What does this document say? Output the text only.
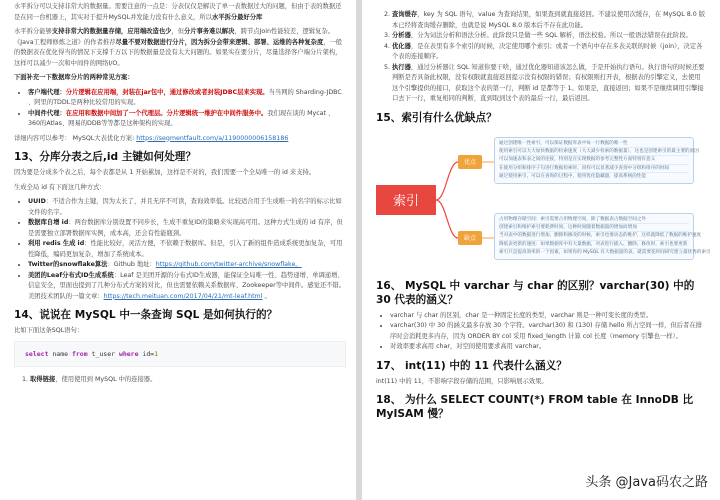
水平拆分可以支持非常大的数据量。需要注意的一点是：分表仅仅是解决了单一表数据过大的问题，但由于表的数据还是在同一台机器上，其实对于提升MySQL并发能力没有什么意义，所以水平拆分最好分库

水平拆分能够支持非常大的数据量存储，应用端改造也少，但分片事务难以解决，跨节点Join性能较差，逻辑复杂。《Java工程师修炼之道》的作者推荐尽量不要对数据进行分片，因为拆分会带来逻辑、部署、运维的各种复杂度，一般的数据表在优化得当的情况下支撑千万以下的数据量是没有太大问题的。如果实在要分片，尽量选择客户端分片架构，这样可以减少一次和中间件的网络I/O。

下面补充一下数据库分片的两种常见方案：

• 客户端代理：分片逻辑在应用端，封装在jar包中，通过修改或者封装JDBC层来实现。当当网的 Sharding-JDBC 、阿里的TDDL是两种比较常用的实现。
• 中间件代理：在应用和数据中间加了一个代理层。分片逻辑统一维护在中间件服务中。我们现在谈的 Mycat 、360的Atlas、网易的DDB等等都是这种架构的实现。

详细内容可以参考： MySQL大表优化方案: https://segmentfault.com/a/1190000006158186

13、分库分表之后,id 主键如何处理？

因为要是分成多个表之后，每个表都是从 1 开始累加，这样是不对的，我们需要一个全局唯一的 id 来支持。

生成全局 id 有下面这几种方式：

• UUID：不适合作为主键，因为太长了，并且无序不可读，查询效率低。比较适合用于生成唯一的名字的标示比如文件的名字。
• 数据库自增 id：两台数据库分别设置不同步长，生成不重复ID的策略来实现高可用。这种方式生成的 id 有序，但是需要独立部署数据库实例，成本高，还会有性能瓶颈。
• 利用 redis 生成 id：性能比较好，灵活方便，不依赖于数据库。但是，引入了新的组件造成系统更加复杂，可用性降低，编码更加复杂，增加了系统成本。
• Twitter的snowflake算法：Github 地址：https://github.com/twitter-archive/snowflake。
• 美团的Leaf分布式ID生成系统：Leaf 是美团开源的分布式ID生成器，能保证全局唯一性、趋势递增、单调递增、信息安全，里面也提到了几种分布式方案的对比，但也需要依赖关系数据库、Zookeeper等中间件。感觉还不错。美团技术团队的一篇文章：https://tech.meituan.com/2017/04/21/mt-leaf.html 。
14、说说在 MySQL 中一条查询 SQL 是如何执行的？

比如下面这条SQL语句：

select name from t_user where id=1
1. 取得链接，使用使用到 MySQL 中的连接器。
2. 查询缓存，key 为 SQL 语句，value 为查询结果，如果查到就直接返回。不建议使用次缓存，在 MySQL 8.0 版本已经将查询缓存删除，也就是说 MySQL 8.0 版本后不存在此功能。
3. 分析器，分为词法分析和语法分析。此阶段只是做一些 SQL 解析，语法校验。所以一般语法错误在此阶段。
4. 优化器，是在表里有多个索引的时候，决定使用哪个索引；或者一个语句中存在多表关联的时候（join），决定各个表的连接顺序。
5. 执行器，通过分析器让 SQL 知道你要干啥，通过优化器知道该怎么做，于是开始执行语句。执行语句的时候还要判断是否具备此权限，没有权限就直接返回提示没有权限的错误；有权限则打开表，根据表的引擎定义，去使用这个引擎提供的接口，获取这个表的第一行，判断 id 是都等于 1。如果是，直接返回；如果不是继续调用引擎接口去下一行，重复相同的判断，直到取到这个表的最后一行，最后返回。
15、索引有什么优缺点？
索引
优点
缺点
通过创建唯一性索引，可以保证数据库表中每一行数据的唯一性
使用索引可以大大加快数据的检索速度（大大减少检索的数据量），这也是创建索引的最主要的原因
可以加速表和表之间的连接，特别是在实现数据的参考完整性方面特别有意义
在使用分组和排序子句进行数据检索时，同样可以显著减少查询中分组和排序的时间
通过使用索引，可以在查询的过程中，使用优化隐藏器，提高系统的性能
占用物理存储空间：索引需要占用物理空间，除了数据表占数据空间之外
创建索引和维护索引要耗费时间，这种时间随着数据量的增加而增加
当对表中的数据进行增加、删除和修改的时候，索引也要动态的维护，这样就降低了数据的维护速度
降低表更新的速度：如果数据库中有大量数据，对表进行插入、删除、修改时，索引也要更新
索引只是提高效率的一个因素，如果你的 MySQL 有大数据量的表，就需要花时间研究建立最优秀的索引
16、 MySQL 中 varchar 与 char 的区别？varchar(30) 中的 30 代表的涵义？
• varchar 与 char 的区别，char 是一种固定长度的类型，varchar 则是一种可变长度的类型。
• varchar(30) 中 30 的涵义最多存放 30 个字符。varchar(30) 和 (130) 存储 hello 所占空间一样，但后者在排序时会消耗更多内存，因为 ORDER BY col 采用 fixed_length 计算 col 长度（memory 引擎也一样）。
• 对效率要求高用 char，对空间使用要求高用 varchar。
17、 int(11) 中的 11 代表什么涵义？

int(11) 中的 11，不影响字段存储的范围，只影响展示效果。

18、 为什么 SELECT COUNT(*) FROM table 在 InnoDB 比 MyISAM 慢？
头条 @Java码农之路
